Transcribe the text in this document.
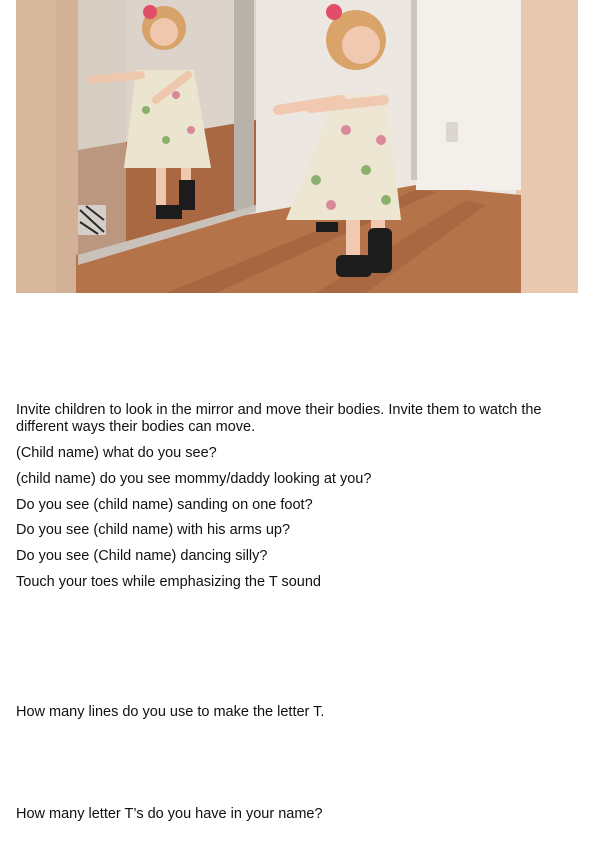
Invite children to look in the mirror and move their bodies. Invite them to watch the different ways their bodies can move.

(Child name) what do you see?

(child name) do you see mommy/daddy looking at you?

Do you see (child name) sanding on one foot?

Do you see (child name) with his arms up?

Do you see (Child name) dancing silly?

Touch your toes while emphasizing the T sound

How many lines do you use to make the letter T.

How many letter T’s do you have in your name?
